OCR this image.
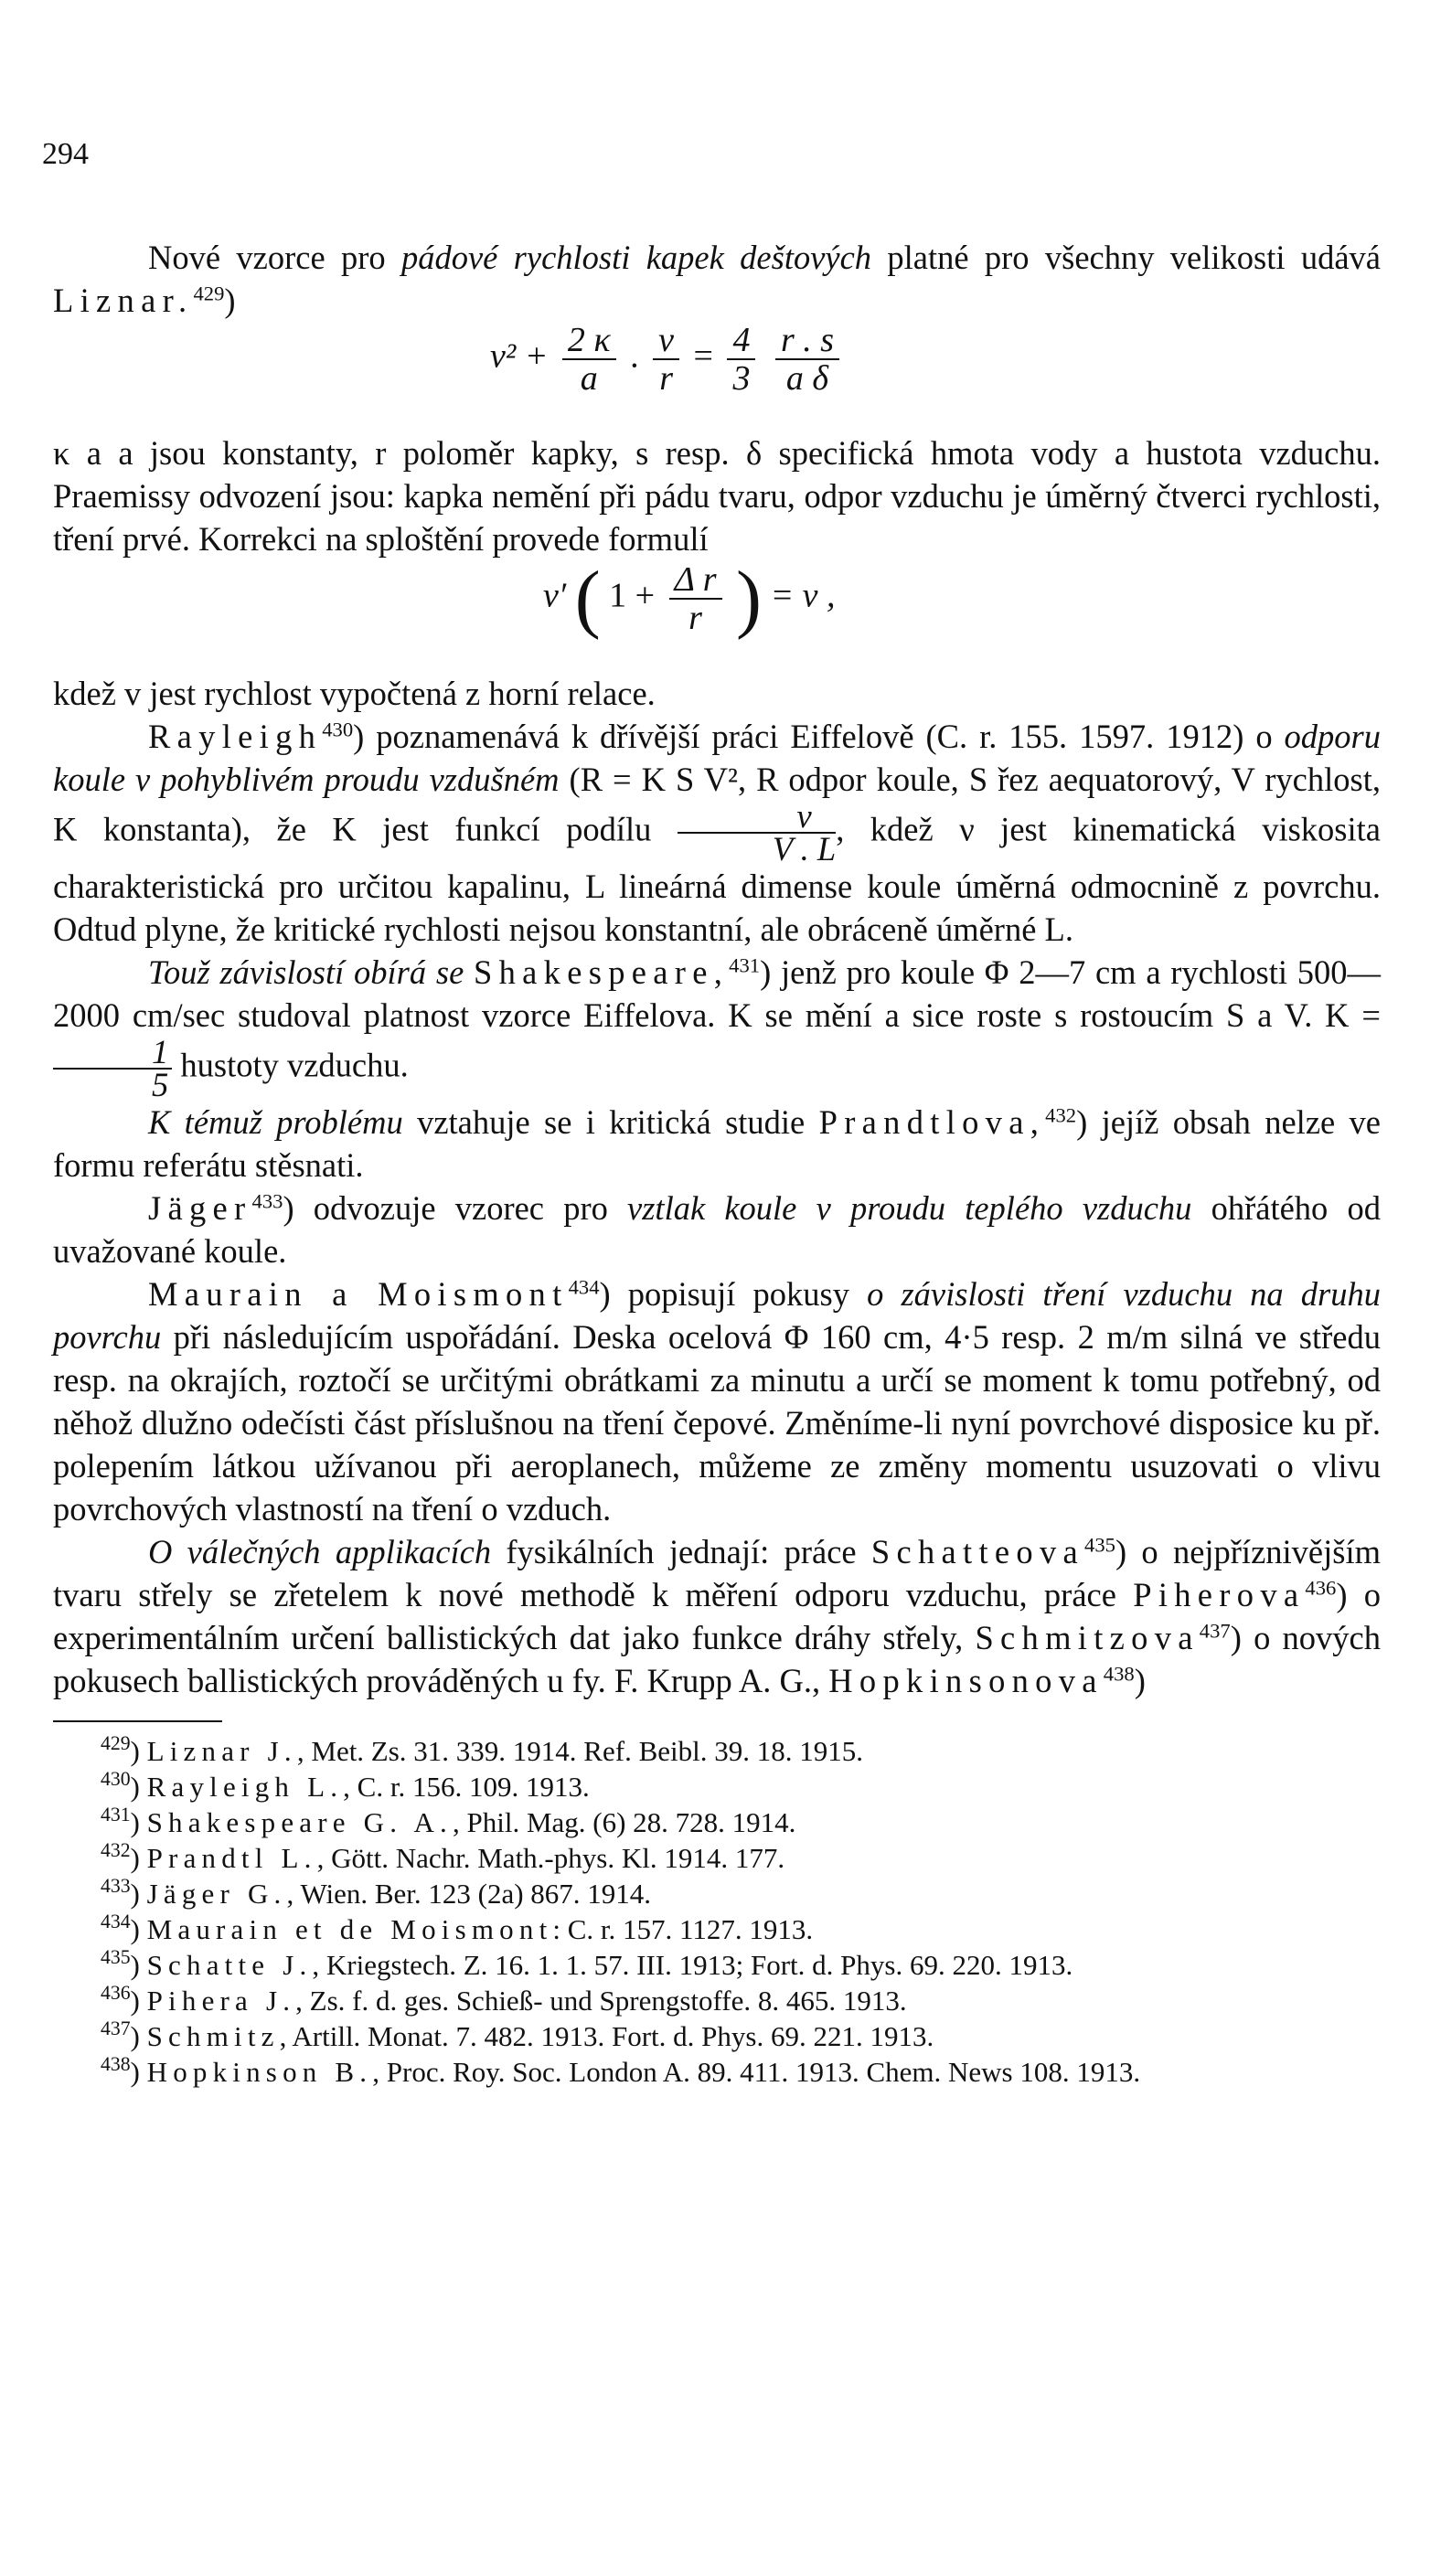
294

Nové vzorce pro pádové rychlosti kapek deštových platné pro všechny velikosti udává Liznar.$^{429}$)

$v^2 + \frac{2 \kappa}{a}$ . $\frac{v}{r} = \frac{4}{3}$
$\frac{r . s}{\text{a δ}}$

κ a a jsou konstanty, r poloměr kapky, s resp. δ specifická hmota vody a hustota vzduchu. Praemissy odvození jsou: kapka nemění při pádu tvaru, odpor vzduchu je úměrný čtverci rychlosti, tření prvé. Korrekci na sploštění provede formulí

v′ ( $1 + \frac{\text{Δ r}}{r}$ ) = v ,

kdež v jest rychlost vypočtená z horní relace.

Rayleigh$^{430}$) poznamenává k dřívější práci Eiffelově (C. r. 155. 1597. 1912) o odporu koule v pohyblivém proudu vzdušném (R = K S V², R odpor koule, S řez aequatorový, V rychlost, K konstanta), že K jest funkcí podílu $\frac{\nu}{V . L}$ , kdež ν jest kinematická viskosita charakteristická pro určitou kapalinu, L lineárná dimense koule úměrná odmocnině z povrchu. Odtud plyne, že kritické rychlosti nejsou konstantní, ale obráceně úměrné L.

Touž závislostí obírá se Shakespeare,$^{431}$) jenž pro koule Φ 2—7 cm a rychlosti 500—2000 cm/sec studoval platnost vzorce Eiffelova. K se mění a sice roste s rostoucím S a V. K =
$\frac{1}{5}$ hustoty vzduchu.

K témuž problému vztahuje se i kritická studie Prandtlova,$^{432}$) jejíž obsah nelze ve formu referátu stěsnati.

Jäger$^{433}$) odvozuje vzorec pro vztlak koule v proudu teplého vzduchu ohřátého od uvažované koule.

Maurain a Moismont$^{434}$) popisují pokusy o závislosti tření vzduchu na druhu povrchu při následujícím uspořádání. Deska ocelová Φ 160 cm, 4·5 resp. 2 m/m silná ve středu resp. na okrajích, roztočí se určitými obrátkami za minutu a určí se moment k tomu potřebný, od něhož dlužno odečísti část příslušnou na tření čepové. Změníme-li nyní povrchové disposice ku př. polepením látkou užívanou při aeroplanech, můžeme ze změny momentu usuzovati o vlivu povrchových vlastností na tření o vzduch.

O válečných applikacích fysikálních jednají: práce Schatteova$^{435}$) o nejpříznivějším tvaru střely se zřetelem k nové methodě k měření odporu vzduchu, práce Piherova$^{436}$) o experimentálním určení ballistických dat jako funkce dráhy střely, Schmitzova$^{437}$) o nových pokusech ballistických prováděných u fy. F. Krupp A. G., Hopkinsonova$^{438}$)

$^{429}$) Liznar J., Met. Zs. 31. 339. 1914. Ref. Beibl. 39. 18. 1915.

$^{430}$) Rayleigh L., C. r. 156. 109. 1913.

$^{431}$) Shakespeare G. A., Phil. Mag. (6) 28. 728. 1914.

$^{432}$) Prandtl L., Gött. Nachr. Math.-phys. Kl. 1914. 177.

$^{433}$) Jäger G., Wien. Ber. 123 (2a) 867. 1914.

$^{434}$) Maurain et de Moismont: C. r. 157. 1127. 1913.

$^{435}$) Schatte J., Kriegstech. Z. 16. 1. 1. 57. III. 1913; Fort. d. Phys. 69. 220. 1913.

$^{436}$) Pihera J., Zs. f. d. ges. Schieß- und Sprengstoffe. 8. 465. 1913.

$^{437}$) Schmitz, Artill. Monat. 7. 482. 1913. Fort. d. Phys. 69. 221. 1913.

$^{438}$) Hopkinson B., Proc. Roy. Soc. London A. 89. 411. 1913. Chem. News 108. 1913.
